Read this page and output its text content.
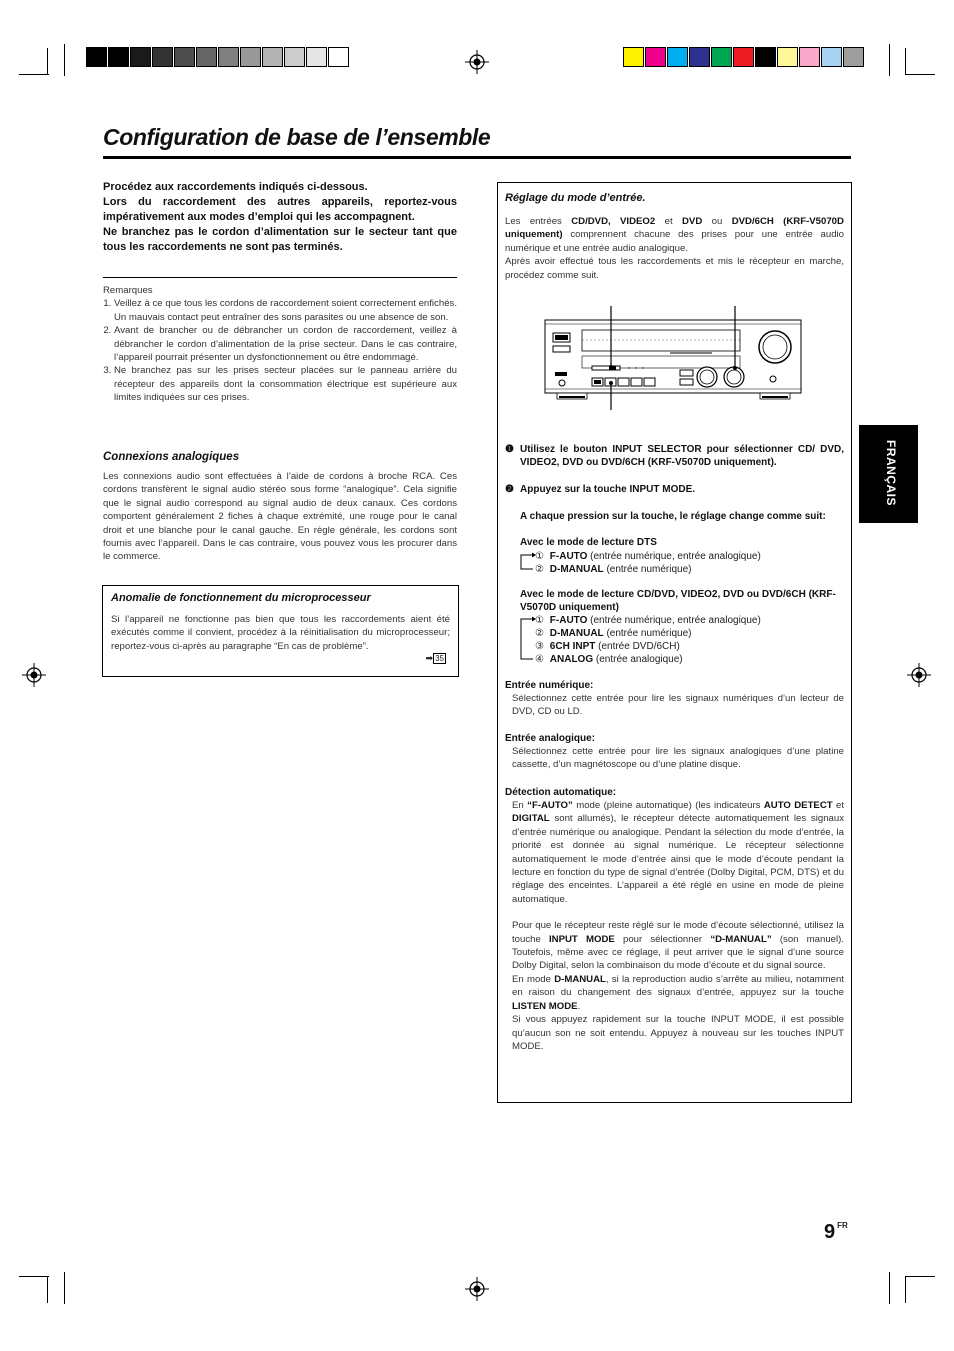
Configuration de base de l’ensemble
Procédez aux raccordements indiqués ci-dessous.
Lors du raccordement des autres appareils, reportez-vous impérativement aux modes d’emploi qui les accompagnent.
Ne branchez pas le cordon d’alimentation sur le secteur tant que tous les raccordements ne sont pas terminés.
Remarques
1. Veillez à ce que tous les cordons de raccordement soient correctement enfichés. Un mauvais contact peut entraîner des sons parasites ou une absence de son.
2. Avant de brancher ou de débrancher un cordon de raccordement, veillez à débrancher le cordon d’alimentation de la prise secteur. Dans le cas contraire, l’appareil pourrait présenter un dysfonctionnement ou être endommagé.
3. Ne branchez pas sur les prises secteur placées sur le panneau arrière du récepteur des appareils dont la consommation électrique est supérieure aux limites indiquées sur ces prises.
Connexions analogiques
Les connexions audio sont effectuées à l’aide de cordons à broche RCA. Ces cordons transfèrent le signal audio stéréo sous forme “analogique”. Cela signifie que le signal audio correspond au signal audio de deux canaux. Ces cordons comportent généralement 2 fiches à chaque extrémité, une rouge pour le canal droit et une blanche pour le canal gauche. En règle générale, les cordons sont fournis avec l’appareil. Dans le cas contraire, vous pouvez vous les procurer dans le commerce.
Anomalie de fonctionnement du microprocesseur
Si l’appareil ne fonctionne pas bien que tous les raccordements aient été exécutés comme il convient, procédez à la réinitialisation du microprocesseur; reportez-vous ci-après au paragraphe “En cas de problème”.
➡ 35
Réglage du mode d’entrée.
Les entrées CD/DVD, VIDEO2 et DVD ou DVD/6CH (KRF-V5070D uniquement) comprennent chacune des prises pour une entrée audio numérique et une entrée audio analogique.
Après avoir effectué tous les raccordements et mis le récepteur en marche, procédez comme suit.
❶ Utilisez le bouton INPUT SELECTOR pour sélectionner CD/ DVD, VIDEO2, DVD ou DVD/6CH (KRF-V5070D uniquement).
❷ Appuyez sur la touche INPUT MODE.
A chaque pression sur la touche, le réglage change comme suit:
Avec le mode de lecture DTS
① F-AUTO (entrée numérique, entrée analogique)
② D-MANUAL (entrée numérique)
Avec le mode de lecture CD/DVD, VIDEO2, DVD ou DVD/6CH (KRF-V5070D uniquement)
① F-AUTO (entrée numérique, entrée analogique)
② D-MANUAL (entrée numérique)
③ 6CH INPT (entrée DVD/6CH)
④ ANALOG (entrée analogique)
Entrée numérique:
Sélectionnez cette entrée pour lire les signaux numériques d’un lecteur de DVD, CD ou LD.
Entrée analogique:
Sélectionnez cette entrée pour lire les signaux analogiques d’une platine cassette, d’un magnétoscope ou d’une platine disque.
Détection automatique:
En “F-AUTO” mode (pleine automatique) (les indicateurs AUTO DETECT et DIGITAL sont allumés), le récepteur détecte automatiquement les signaux d’entrée numérique ou analogique. Pendant la sélection du mode d’entrée, la priorité est donnée au signal numérique. Le récepteur sélectionne automatiquement le mode d’entrée ainsi que le mode d’écoute pendant la lecture en fonction du type de signal d’entrée (Dolby Digital, PCM, DTS) et du réglage des enceintes. L’appareil a été réglé en usine en mode de pleine automatique.
Pour que le récepteur reste réglé sur le mode d’écoute sélectionné, utilisez la touche INPUT MODE pour sélectionner “D-MANUAL” (son manuel). Toutefois, même avec ce réglage, il peut arriver que le signal d’une source Dolby Digital, selon la combinaison du mode d’écoute et du signal source.
En mode D-MANUAL, si la reproduction audio s’arrête au milieu, notamment en raison du changement des signaux d’entrée, appuyez sur la touche LISTEN MODE.
Si vous appuyez rapidement sur la touche INPUT MODE, il est possible qu’aucun son ne soit entendu. Appuyez à nouveau sur les touches INPUT MODE.
FRANÇAIS
9 $^{FR}$
